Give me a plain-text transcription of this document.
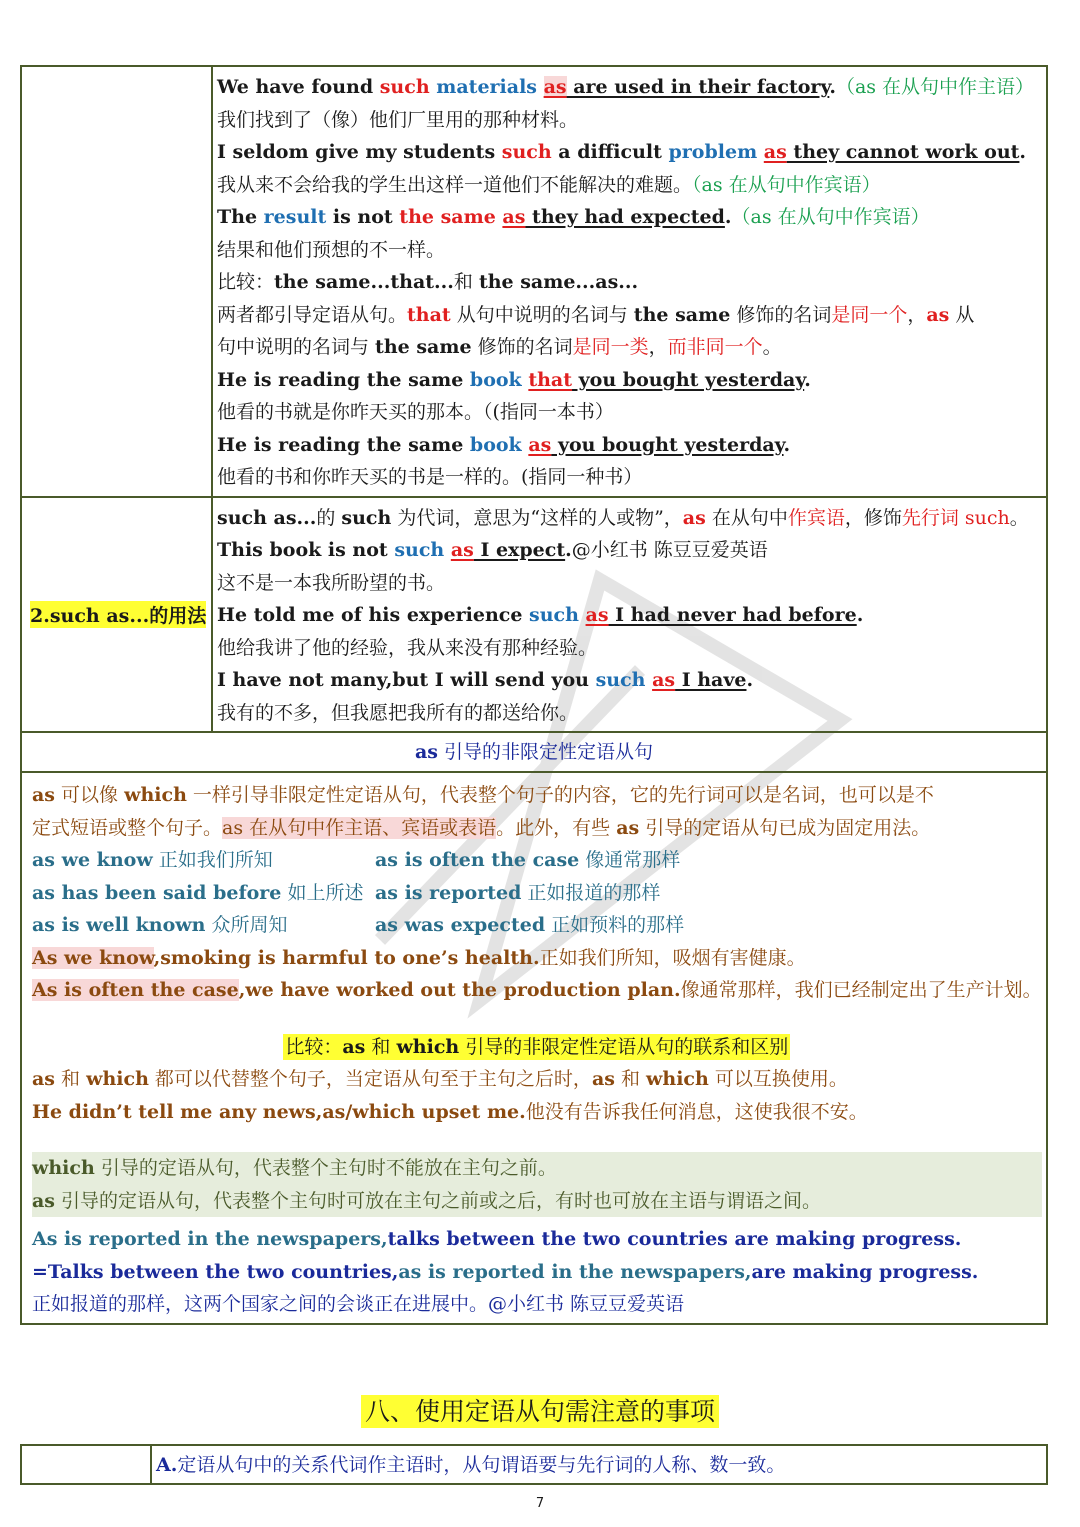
We have found such materials as are used in their factory.（as 在从句中作主语）
我们找到了（像）他们厂里用的那种材料。
I seldom give my students such a difficult problem as they cannot work out.
我从来不会给我的学生出这样一道他们不能解决的难题。（as 在从句中作宾语）
The result is not the same as they had expected.（as 在从句中作宾语）
结果和他们预想的不一样。
比较：the same...that...和 the same...as...
两者都引导定语从句。that 从句中说明的名词与 the same 修饰的名词是同一个，as 从
句中说明的名词与 the same 修饰的名词是同一类，而非同一个。
He is reading the same book that you bought yesterday.
他看的书就是你昨天买的那本。（(指同一本书）
He is reading the same book as you bought yesterday.
他看的书和你昨天买的书是一样的。(指同一种书）
2.such as...的用法
such as...的 such 为代词，意思为“这样的人或物”，as 在从句中作宾语，修饰先行词 such。
This book is not such as I expect.@小红书 陈豆豆爱英语
这不是一本我所盼望的书。
He told me of his experience such as I had never had before.
他给我讲了他的经验，我从来没有那种经验。
I have not many,but I will send you such as I have.
我有的不多，但我愿把我所有的都送给你。
as 引导的非限定性定语从句
as 可以像 which 一样引导非限定性定语从句，代表整个句子的内容，它的先行词可以是名词，也可以是不
定式短语或整个句子。as 在从句中作主语、宾语或表语。此外，有些 as 引导的定语从句已成为固定用法。
as we know 正如我们所知	as is often the case 像通常那样
as has been said before 如上所述 as is reported 正如报道的那样
as is well known 众所周知	as was expected 正如预料的那样
As we know,smoking is harmful to one’s health.正如我们所知，吸烟有害健康。
As is often the case,we have worked out the production plan.像通常那样，我们已经制定出了生产计划。
比较：as 和 which 引导的非限定性定语从句的联系和区别
as 和 which 都可以代替整个句子，当定语从句至于主句之后时，as 和 which 可以互换使用。
He didn’t tell me any news,as/which upset me.他没有告诉我任何消息，这使我很不安。
which 引导的定语从句，代表整个主句时不能放在主句之前。
as 引导的定语从句，代表整个主句时可放在主句之前或之后，有时也可放在主语与谓语之间。
As is reported in the newspapers,talks between the two countries are making progress.
=Talks between the two countries,as is reported in the newspapers,are making progress.
正如报道的那样，这两个国家之间的会谈正在进展中。@小红书 陈豆豆爱英语
八、使用定语从句需注意的事项
A.定语从句中的关系代词作主语时，从句谓语要与先行词的人称、数一致。
7
